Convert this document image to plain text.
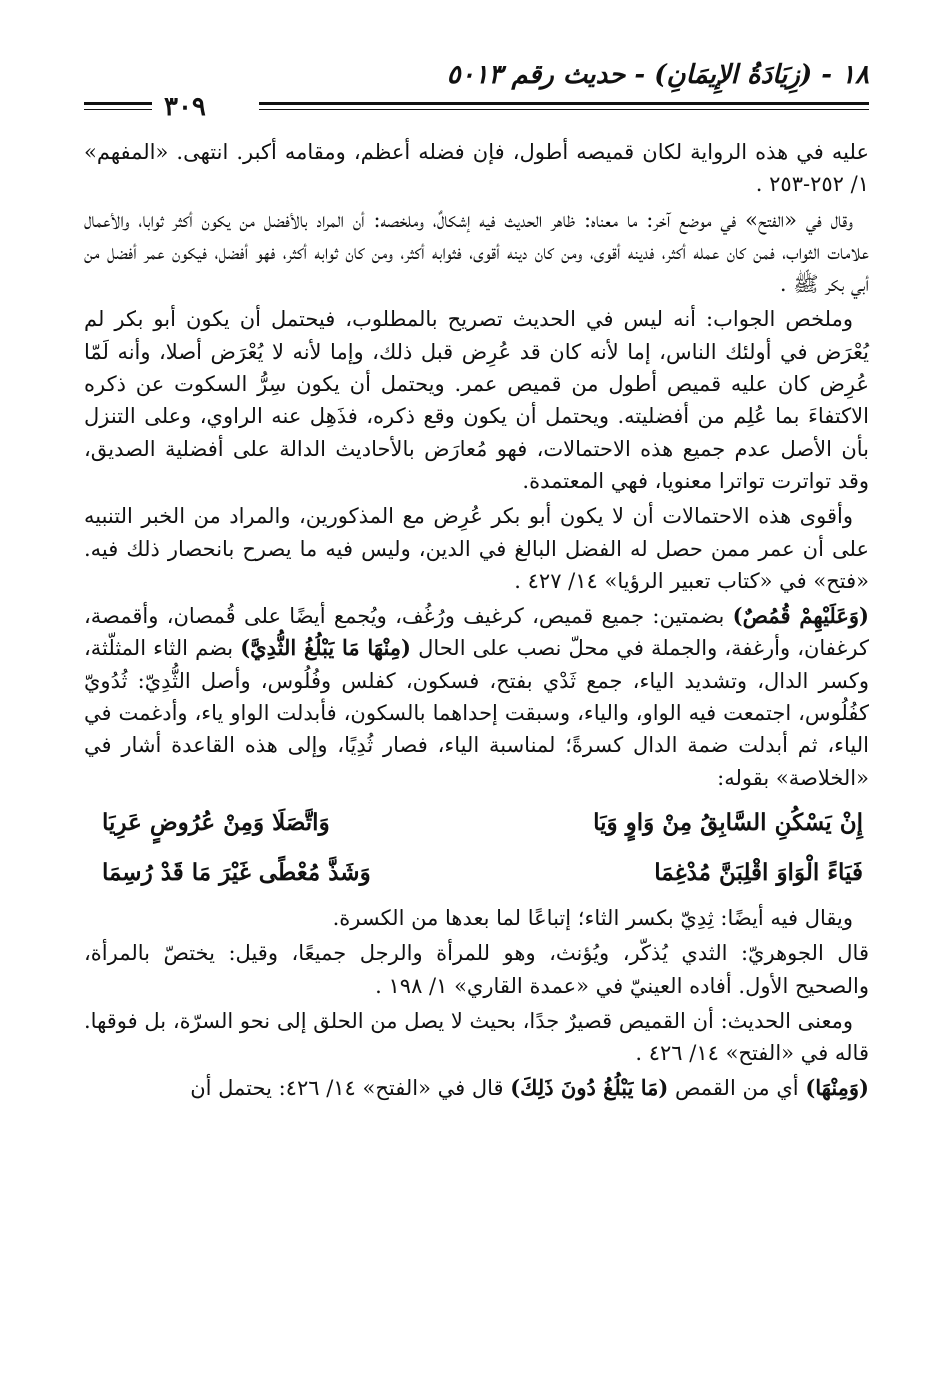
١٨ - (زِيَادَةُ الإِيمَانِ) - حديث رقم ٥٠١٣
٣٠٩

عليه في هذه الرواية لكان قميصه أطول، فإن فضله أعظم، ومقامه أكبر. انتهى. «المفهم» ١/ ٢٥٢-٢٥٣ .

وقال في «الفتح» في موضع آخر: ما معناه: ظاهر الحديث فيه إشكالٌ، وملخصه: أن المراد بالأفضل من يكون أكثر ثوابا، والأعمال علامات الثواب، فمن كان عمله أكثر، فدينه أقوى، ومن كان دينه أقوى، فثوابه أكثر، ومن كان ثوابه أكثر، فهو أفضل، فيكون عمر أفضل من أبي بكر ﷺ .

وملخص الجواب: أنه ليس في الحديث تصريح بالمطلوب، فيحتمل أن يكون أبو بكر لم يُعْرَض في أولئك الناس، إما لأنه كان قد عُرِض قبل ذلك، وإما لأنه لا يُعْرَض أصلا، وأنه لَمّا عُرِض كان عليه قميص أطول من قميص عمر. ويحتمل أن يكون سِرُّ السكوت عن ذكره الاكتفاءَ بما عُلِم من أفضليته. ويحتمل أن يكون وقع ذكره، فذَهِل عنه الراوي، وعلى التنزل بأن الأصل عدم جميع هذه الاحتمالات، فهو مُعارَض بالأحاديث الدالة على أفضلية الصديق، وقد تواترت تواترا معنويا، فهي المعتمدة.

وأقوى هذه الاحتمالات أن لا يكون أبو بكر عُرِض مع المذكورين، والمراد من الخبر التنبيه على أن عمر ممن حصل له الفضل البالغ في الدين، وليس فيه ما يصرح بانحصار ذلك فيه. «فتح» في «كتاب تعبير الرؤيا» ١٤/ ٤٢٧ .

(وَعَلَيْهِمْ قُمُصٌ) بضمتين: جميع قميص، كرغيف ورُغُف، ويُجمع أيضًا على قُمصان، وأقمصة، كرغفان، وأرغفة، والجملة في محلّ نصب على الحال (مِنْهَا مَا يَبْلُغُ الثُّدِيَّ) بضم الثاء المثلّثة، وكسر الدال، وتشديد الياء، جمع ثَدْي بفتح، فسكون، كفلس وفُلُوس، وأصل الثُّدِيّ: ثُدُويّ كفُلُوس، اجتمعت فيه الواو، والياء، وسبقت إحداهما بالسكون، فأبدلت الواو ياء، وأدغمت في الياء، ثم أبدلت ضمة الدال كسرةً؛ لمناسبة الياء، فصار ثُدِيًا، وإلى هذه القاعدة أشار في «الخلاصة» بقوله:

إِنْ يَسْكُنِ السَّابِقُ مِنْ وَاوٍ وَيَا
وَاتَّصَلَا وَمِنْ عُرُوضٍ عَرِيَا
فَيَاءً الْوَاوَ اقْلِبَنَّ مُدْغِمَا
وَشَذَّ مُعْطًى غَيْرَ مَا قَدْ رُسِمَا

ويقال فيه أيضًا: ثِدِيّ بكسر الثاء؛ إتباعًا لما بعدها من الكسرة.

قال الجوهريّ: الثدي يُذكّر، ويُؤنث، وهو للمرأة والرجل جميعًا، وقيل: يختصّ بالمرأة، والصحيح الأول. أفاده العينيّ في «عمدة القاري» ١/ ١٩٨ .

ومعنى الحديث: أن القميص قصيرٌ جدًا، بحيث لا يصل من الحلق إلى نحو السرّة، بل فوقها. قاله في «الفتح» ١٤/ ٤٢٦ .

(وَمِنْهَا) أي من القمص (مَا يَبْلُغُ دُونَ ذَلِكَ) قال في «الفتح» ١٤/ ٤٢٦: يحتمل أن
